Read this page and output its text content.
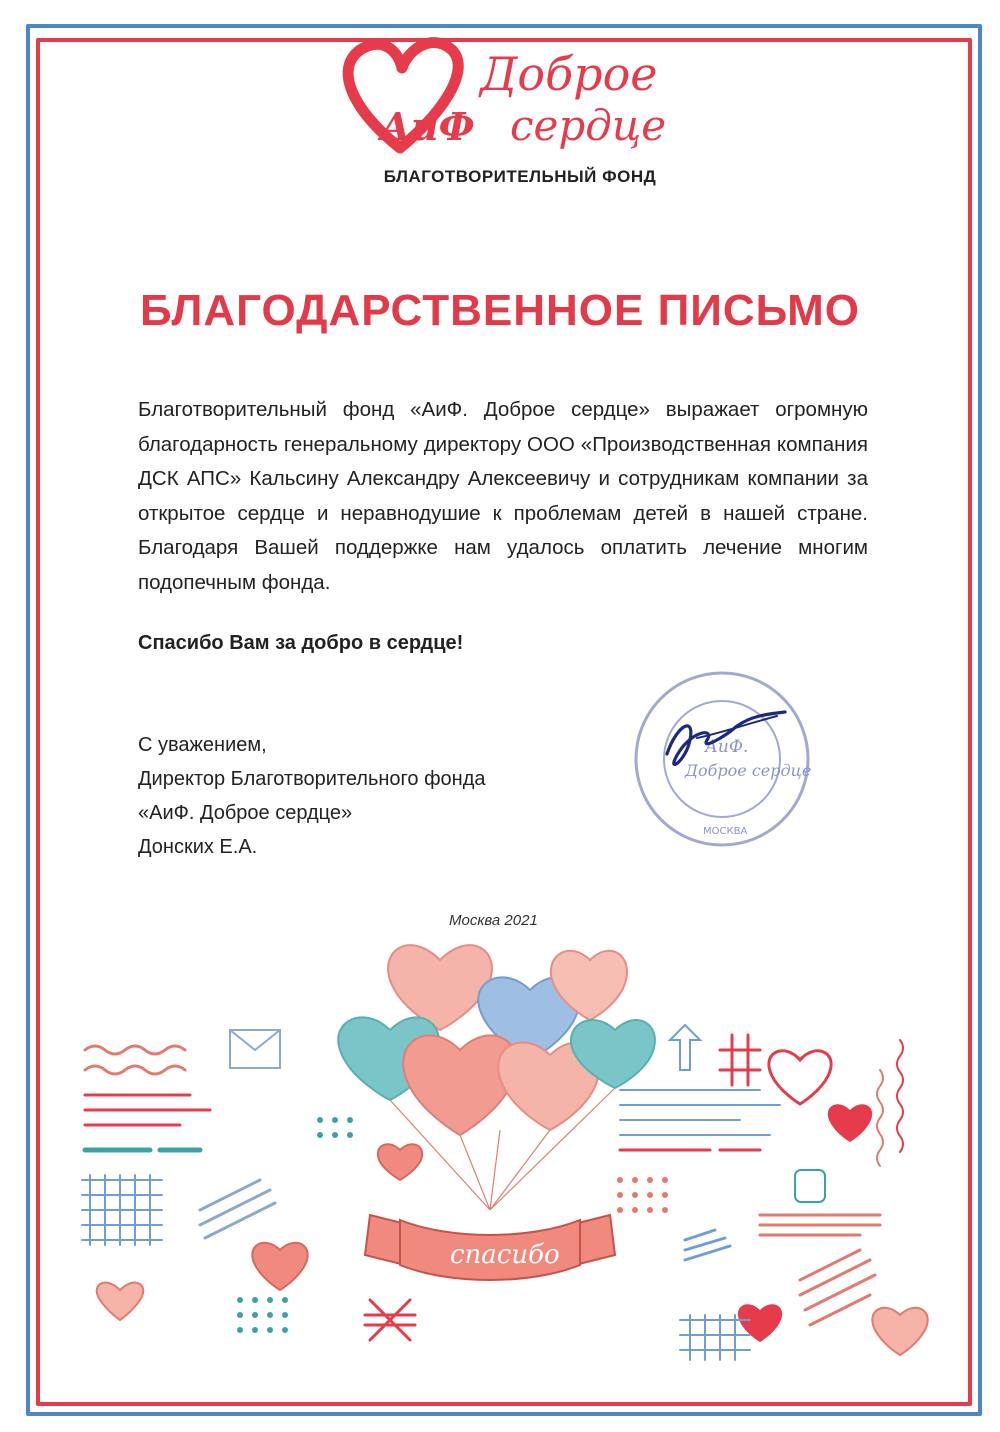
АиФ
Доброе
сердце
БЛАГОТВОРИТЕЛЬНЫЙ ФОНД
БЛАГОДАРСТВЕННОЕ ПИСЬМО
Благотворительный фонд «АиФ. Доброе сердце» выражает огромную благодарность генеральному директору ООО «Производственная компания ДСК АПС» Кальсину Александру Алексеевичу и сотрудникам компании за открытое сердце и неравнодушие к проблемам детей в нашей стране. Благодаря Вашей поддержке нам удалось оплатить лечение многим подопечным фонда.
Спасибо Вам за добро в сердце!
С уважением,
Директор Благотворительного фонда
«АиФ. Доброе сердце»
Донских Е.А.
АиФ.
Доброе сердце
МОСКВА
Москва 2021
спасибо
